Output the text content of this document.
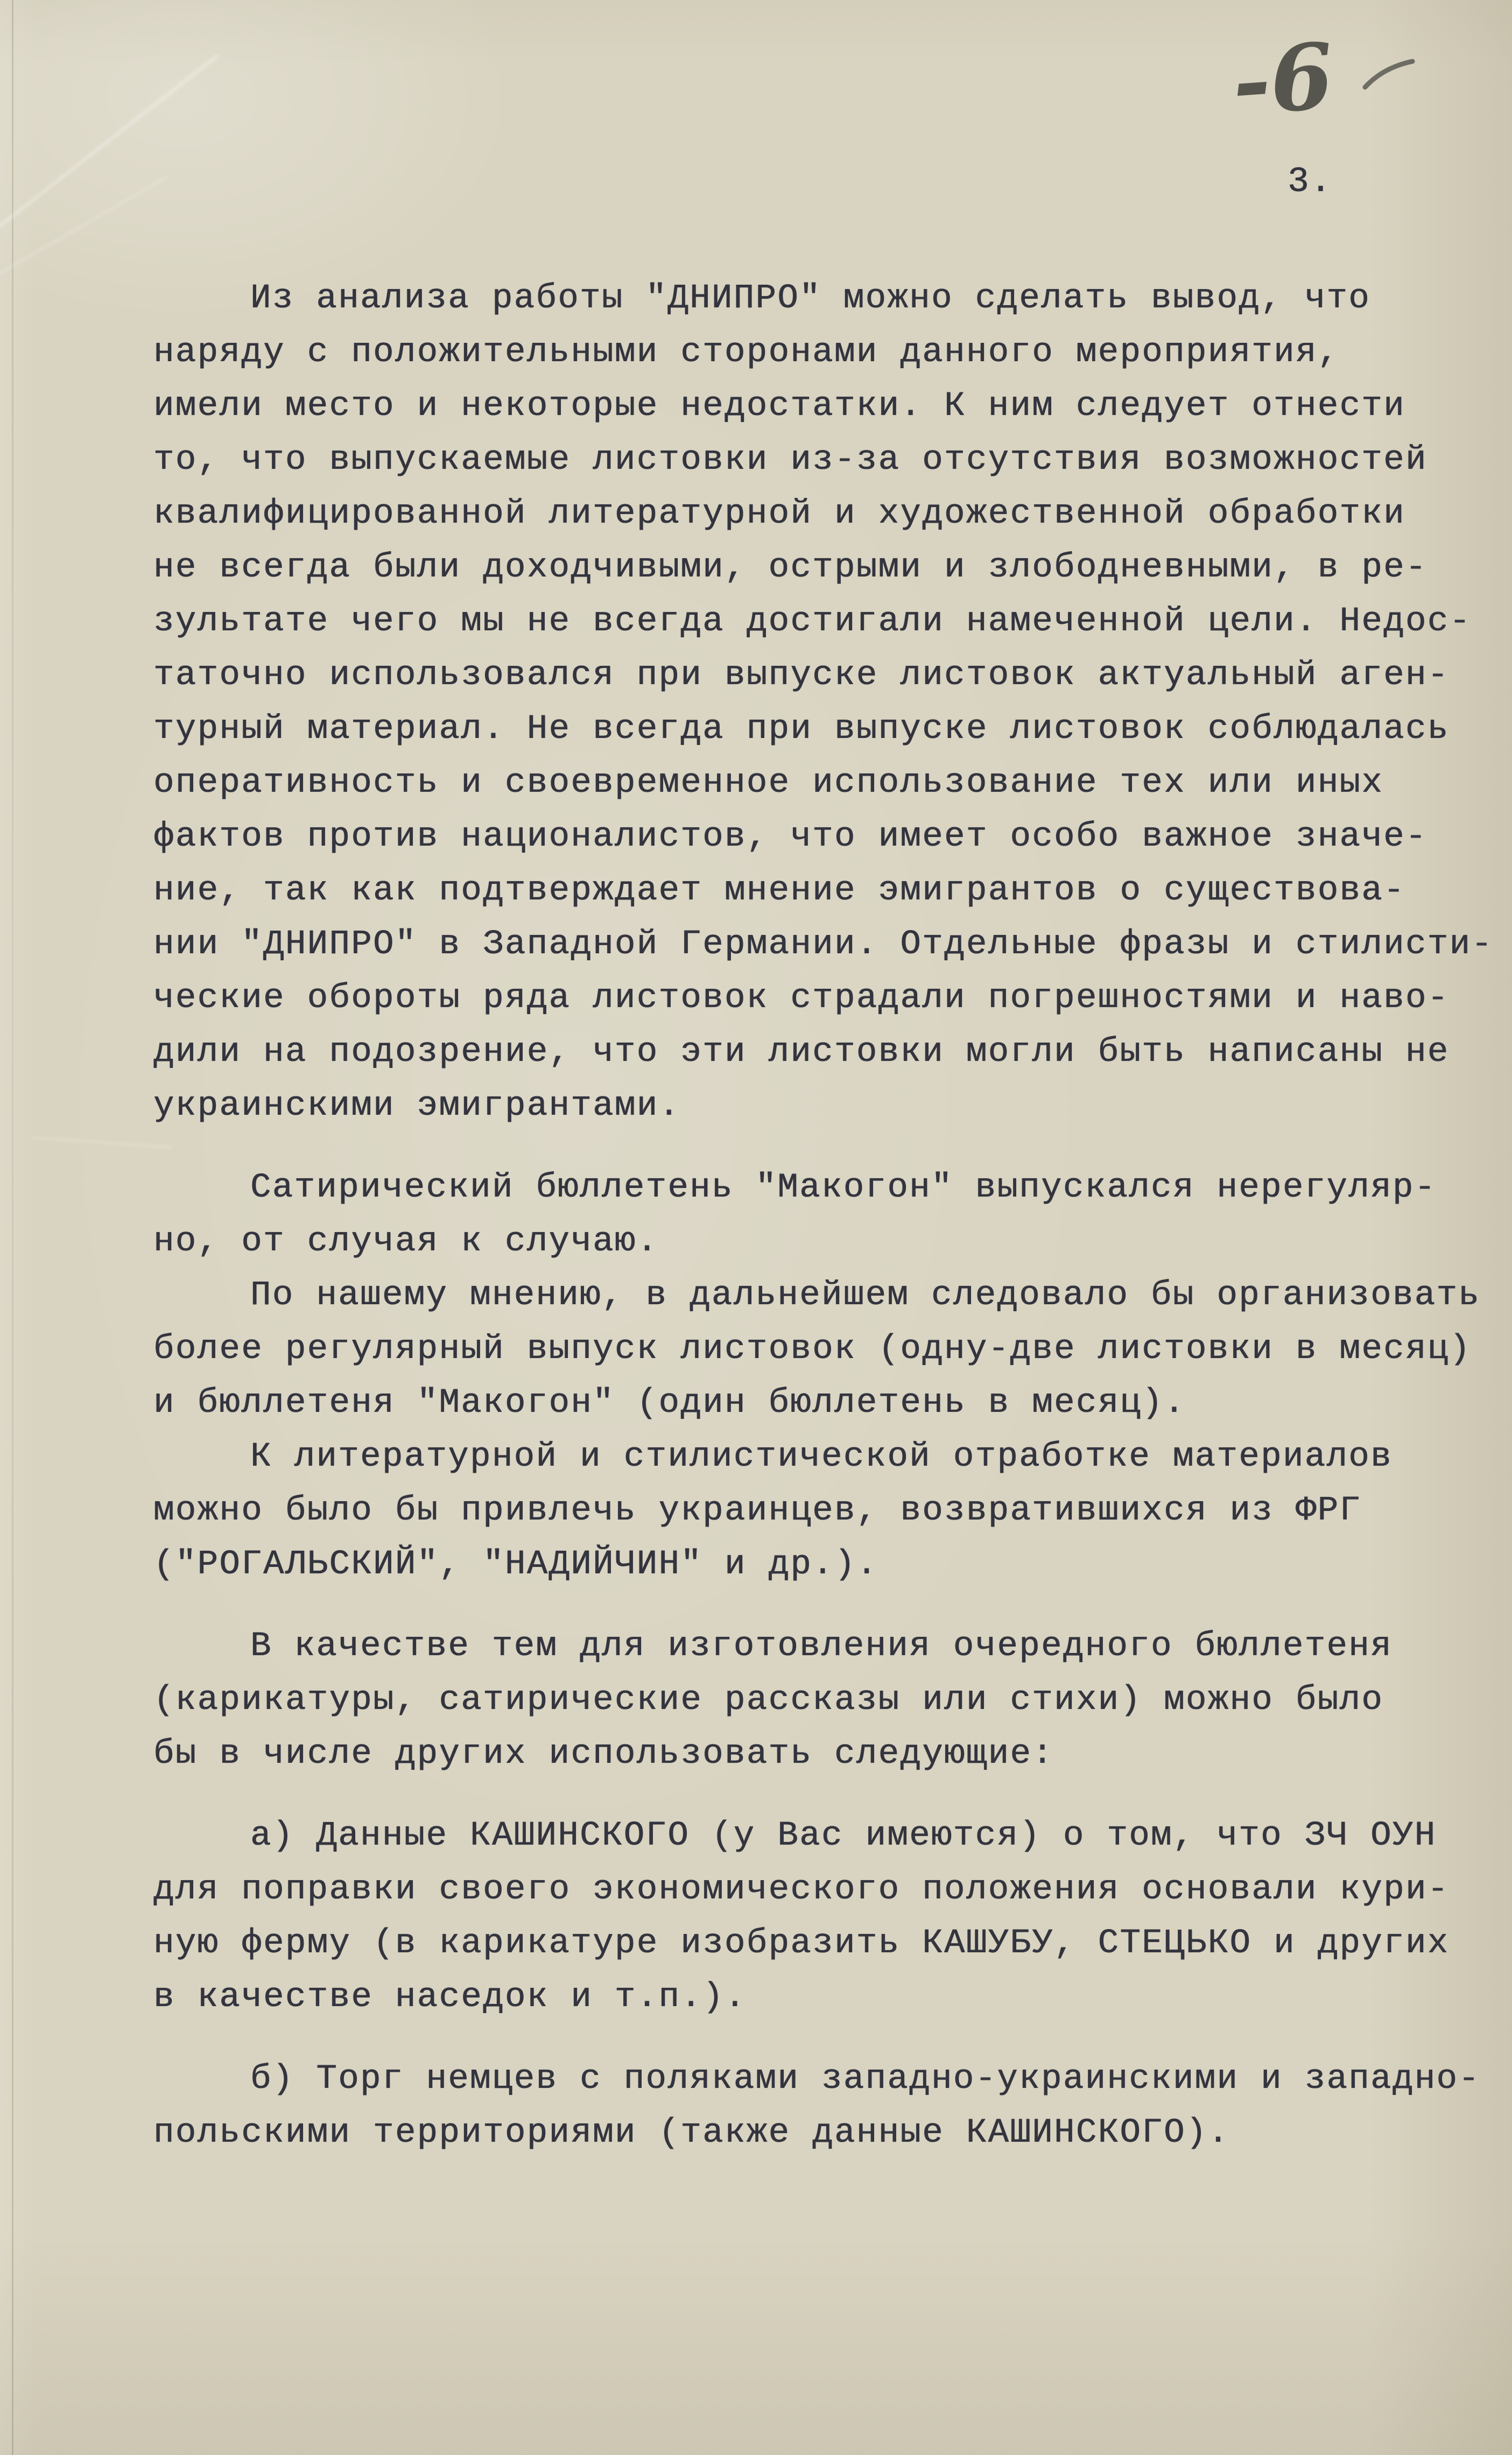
-6
3.
Из анализа работы "ДНИПРО" можно сделать вывод, что
наряду с положительными сторонами данного мероприятия,
имели место и некоторые недостатки. К ним следует отнести
то, что выпускаемые листовки из-за отсутствия возможностей
квалифицированной литературной и художественной обработки
не всегда были доходчивыми, острыми и злободневными, в ре-
зультате чего мы не всегда достигали намеченной цели. Недос-
таточно использовался при выпуске листовок актуальный аген-
турный материал. Не всегда при выпуске листовок соблюдалась
оперативность и своевременное использование тех или иных
фактов против националистов, что имеет особо важное значе-
ние, так как подтверждает мнение эмигрантов о существова-
нии "ДНИПРО" в Западной Германии. Отдельные фразы и стилисти-
ческие обороты ряда листовок страдали погрешностями и наво-
дили на подозрение, что эти листовки могли быть написаны не
украинскими эмигрантами.
Сатирический бюллетень "Макогон" выпускался нерегуляр-
но, от случая к случаю.
По нашему мнению, в дальнейшем следовало бы организовать
более регулярный выпуск листовок (одну-две листовки в месяц)
и бюллетеня "Макогон" (один бюллетень в месяц).
К литературной и стилистической отработке материалов
можно было бы привлечь украинцев, возвратившихся из ФРГ
("РОГАЛЬСКИЙ", "НАДИЙЧИН" и др.).
В качестве тем для изготовления очередного бюллетеня
(карикатуры, сатирические рассказы или стихи) можно было
бы в числе других использовать следующие:
а) Данные КАШИНСКОГО (у Вас имеются) о том, что ЗЧ ОУН
для поправки своего экономического положения основали кури-
ную ферму (в карикатуре изобразить КАШУБУ, СТЕЦЬКО и других
в качестве наседок и т.п.).
б) Торг немцев с поляками западно-украинскими и западно-
польскими территориями (также данные КАШИНСКОГО).
